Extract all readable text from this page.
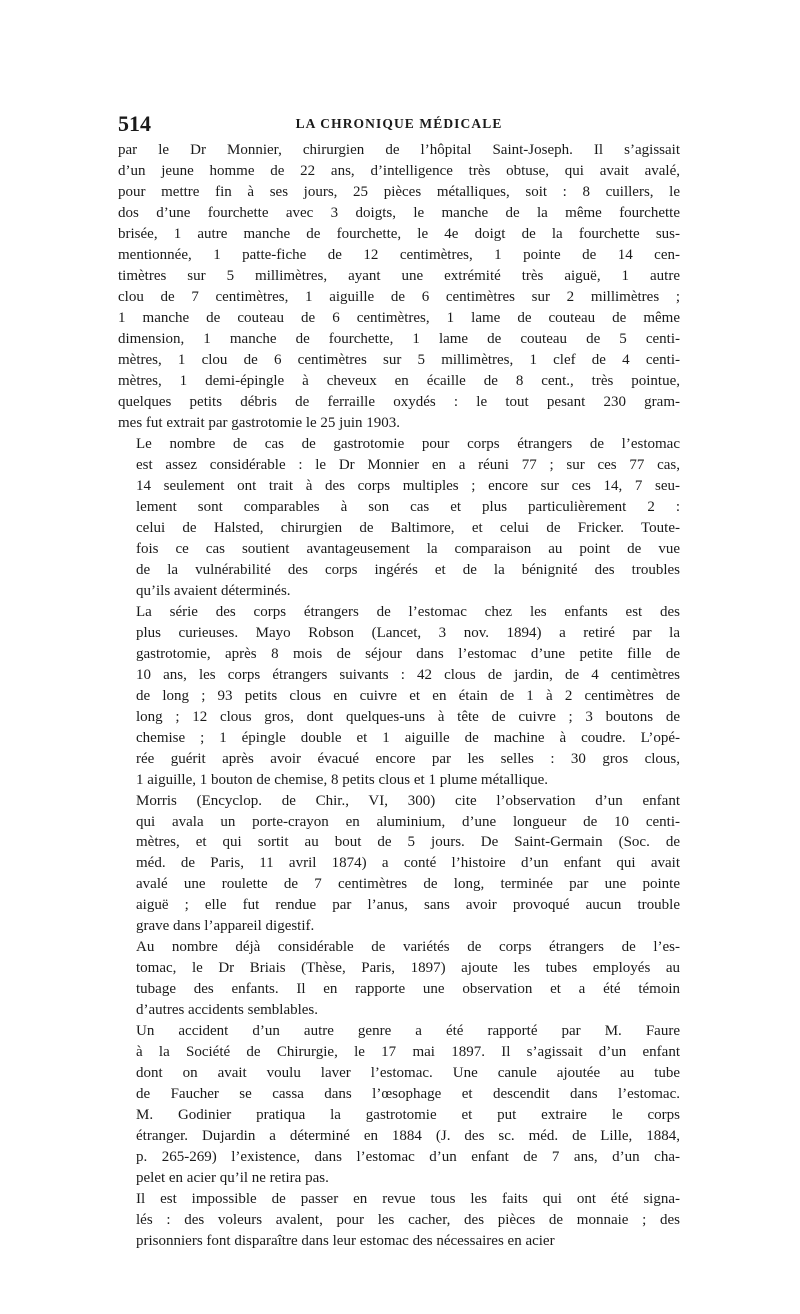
514	LA CHRONIQUE MÉDICALE

par le Dr Monnier, chirurgien de l’hôpital Saint-Joseph. Il s’agissait
d’un jeune homme de 22 ans, d’intelligence très obtuse, qui avait avalé,
pour mettre fin à ses jours, 25 pièces métalliques, soit : 8 cuillers, le
dos d’une fourchette avec 3 doigts, le manche de la même fourchette
brisée, 1 autre manche de fourchette, le 4e doigt de la fourchette sus-
mentionnée, 1 patte-fiche de 12 centimètres, 1 pointe de 14 cen-
timètres sur 5 millimètres, ayant une extrémité très aiguë, 1 autre
clou de 7 centimètres, 1 aiguille de 6 centimètres sur 2 millimètres ;
1 manche de couteau de 6 centimètres, 1 lame de couteau de même
dimension, 1 manche de fourchette, 1 lame de couteau de 5 centi-
mètres, 1 clou de 6 centimètres sur 5 millimètres, 1 clef de 4 centi-
mètres, 1 demi-épingle à cheveux en écaille de 8 cent., très pointue,
quelques petits débris de ferraille oxydés : le tout pesant 230 gram-
mes fut extrait par gastrotomie le 25 juin 1903.

Le nombre de cas de gastrotomie pour corps étrangers de l’estomac
est assez considérable : le Dr Monnier en a réuni 77 ; sur ces 77 cas,
14 seulement ont trait à des corps multiples ; encore sur ces 14, 7 seu-
lement sont comparables à son cas et plus particulièrement 2 :
celui de Halsted, chirurgien de Baltimore, et celui de Fricker. Toute-
fois ce cas soutient avantageusement la comparaison au point de vue
de la vulnérabilité des corps ingérés et de la bénignité des troubles
qu’ils avaient déterminés.

La série des corps étrangers de l’estomac chez les enfants est des
plus curieuses. Mayo Robson (Lancet, 3 nov. 1894) a retiré par la
gastrotomie, après 8 mois de séjour dans l’estomac d’une petite fille de
10 ans, les corps étrangers suivants : 42 clous de jardin, de 4 centimètres
de long ; 93 petits clous en cuivre et en étain de 1 à 2 centimètres de
long ; 12 clous gros, dont quelques-uns à tête de cuivre ; 3 boutons de
chemise ; 1 épingle double et 1 aiguille de machine à coudre. L’opé-
rée guérit après avoir évacué encore par les selles : 30 gros clous,
1 aiguille, 1 bouton de chemise, 8 petits clous et 1 plume métallique.

Morris (Encyclop. de Chir., VI, 300) cite l’observation d’un enfant
qui avala un porte-crayon en aluminium, d’une longueur de 10 centi-
mètres, et qui sortit au bout de 5 jours. De Saint-Germain (Soc. de
méd. de Paris, 11 avril 1874) a conté l’histoire d’un enfant qui avait
avalé une roulette de 7 centimètres de long, terminée par une pointe
aiguë ; elle fut rendue par l’anus, sans avoir provoqué aucun trouble
grave dans l’appareil digestif.

Au nombre déjà considérable de variétés de corps étrangers de l’es-
tomac, le Dr Briais (Thèse, Paris, 1897) ajoute les tubes employés au
tubage des enfants. Il en rapporte une observation et a été témoin
d’autres accidents semblables.

Un accident d’un autre genre a été rapporté par M. Faure
à la Société de Chirurgie, le 17 mai 1897. Il s’agissait d’un enfant
dont on avait voulu laver l’estomac. Une canule ajoutée au tube
de Faucher se cassa dans l’œsophage et descendit dans l’estomac.
M. Godinier pratiqua la gastrotomie et put extraire le corps
étranger. Dujardin a déterminé en 1884 (J. des sc. méd. de Lille, 1884,
p. 265-269) l’existence, dans l’estomac d’un enfant de 7 ans, d’un cha-
pelet en acier qu’il ne retira pas.

Il est impossible de passer en revue tous les faits qui ont été signa-
lés : des voleurs avalent, pour les cacher, des pièces de monnaie ; des
prisonniers font disparaître dans leur estomac des nécessaires en acier
